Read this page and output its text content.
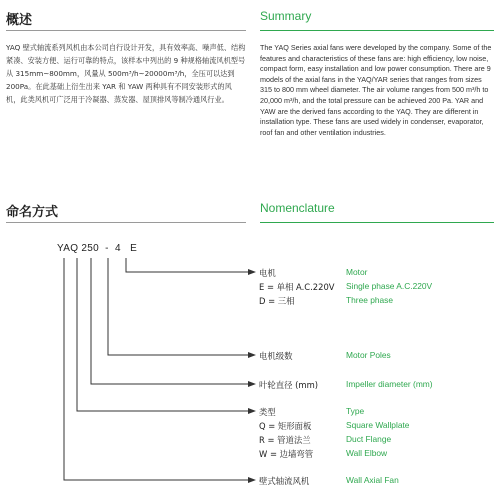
概述	Summary
YAQ 壁式轴流系列风机由本公司自行设计开发，具有效率高、噪声低、结构紧凑、安装方便、运行可靠的特点，该样本中列出的 9 种规格轴流风机型号从 315mm~800mm，风量从 500m³/h~20000m³/h，全压可以达到 200Pa。在此基础上衍生出来 YAR 和 YAW 两种具有不同安装形式的风机，此类风机可广泛用于冷凝器、蒸发器、屋顶排风等制冷通风行业。
The YAQ Series axial fans were developed by the company. Some of the features and characteristics of these fans are: high efficiency, low noise, compact form, easy installation and low power consumption. There are 9 models of the axial fans in the YAQ/YAR series that ranges from sizes 315 to 800 mm wheel diameter. The air volume ranges from 500 m³/h to 20,000 m³/h, and the total pressure can be achieved 200 Pa. YAR and YAW are the derived fans according to the YAQ. They are different in installation type. These fans are used widely in condenser, evaporator, roof fan and other ventilation industries.
命名方式	Nomenclature
YAQ 250 - 4 E
电机
E = 单相 A.C.220V
D = 三相
电机级数
叶轮直径 (mm)
类型
Q = 矩形面板
R = 管道法兰
W = 边墙弯管
壁式轴流风机
Motor
Single phase A.C.220V
Three phase
Motor Poles
Impeller diameter (mm)
Type
Square Wallplate
Duct Flange
Wall Elbow
Wall Axial Fan
